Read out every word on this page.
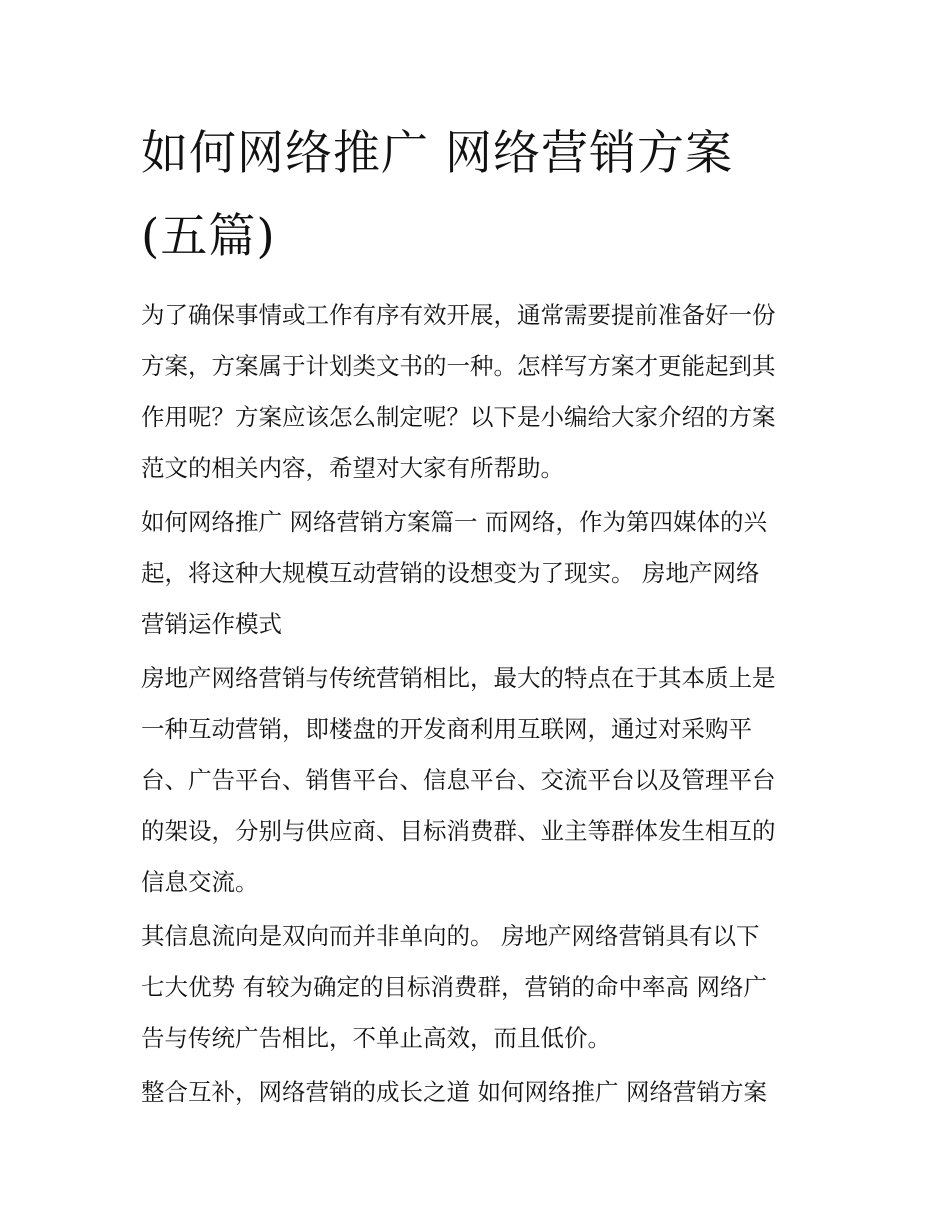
如何网络推广 网络营销方案
(五篇)

为了确保事情或工作有序有效开展，通常需要提前准备好一份
方案，方案属于计划类文书的一种。怎样写方案才更能起到其
作用呢？方案应该怎么制定呢？以下是小编给大家介绍的方案
范文的相关内容，希望对大家有所帮助。

如何网络推广 网络营销方案篇一 而网络，作为第四媒体的兴
起，将这种大规模互动营销的设想变为了现实。 房地产网络
营销运作模式

房地产网络营销与传统营销相比，最大的特点在于其本质上是
一种互动营销，即楼盘的开发商利用互联网，通过对采购平
台、广告平台、销售平台、信息平台、交流平台以及管理平台
的架设，分别与供应商、目标消费群、业主等群体发生相互的
信息交流。

其信息流向是双向而并非单向的。 房地产网络营销具有以下
七大优势 有较为确定的目标消费群，营销的命中率高 网络广
告与传统广告相比，不单止高效，而且低价。

整合互补，网络营销的成长之道 如何网络推广 网络营销方案
